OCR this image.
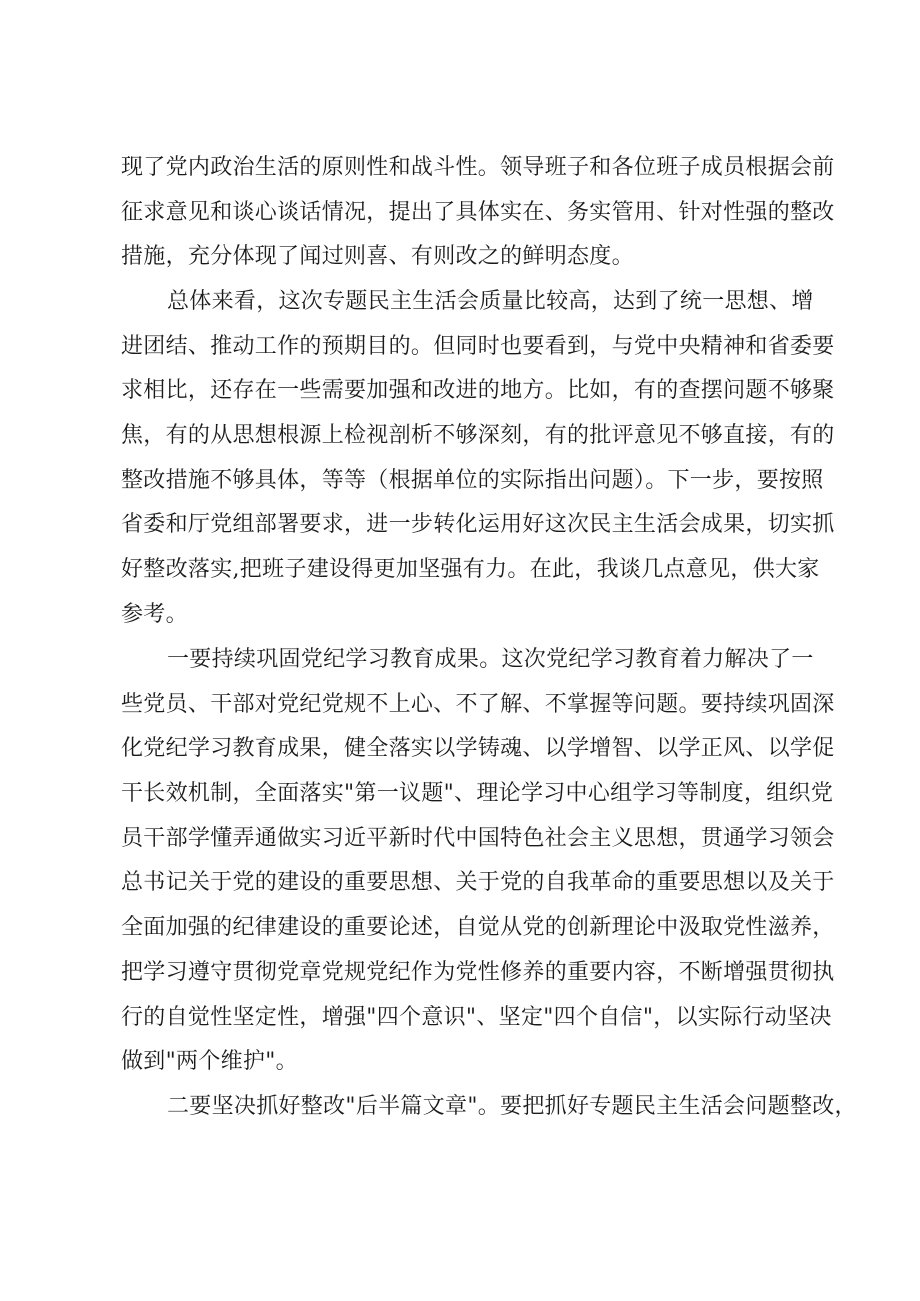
现了党内政治生活的原则性和战斗性。领导班子和各位班子成员根据会前
征求意见和谈心谈话情况，提出了具体实在、务实管用、针对性强的整改
措施，充分体现了闻过则喜、有则改之的鲜明态度。
总体来看，这次专题民主生活会质量比较高，达到了统一思想、增
进团结、推动工作的预期目的。但同时也要看到，与党中央精神和省委要
求相比，还存在一些需要加强和改进的地方。比如，有的查摆问题不够聚
焦，有的从思想根源上检视剖析不够深刻，有的批评意见不够直接，有的
整改措施不够具体，等等（根据单位的实际指出问题）。下一步，要按照
省委和厅党组部署要求，进一步转化运用好这次民主生活会成果，切实抓
好整改落实,把班子建设得更加坚强有力。在此，我谈几点意见，供大家
参考。
一要持续巩固党纪学习教育成果。这次党纪学习教育着力解决了一
些党员、干部对党纪党规不上心、不了解、不掌握等问题。要持续巩固深
化党纪学习教育成果，健全落实以学铸魂、以学增智、以学正风、以学促
干长效机制，全面落实"第一议题"、理论学习中心组学习等制度，组织党
员干部学懂弄通做实习近平新时代中国特色社会主义思想，贯通学习领会
总书记关于党的建设的重要思想、关于党的自我革命的重要思想以及关于
全面加强的纪律建设的重要论述，自觉从党的创新理论中汲取党性滋养，
把学习遵守贯彻党章党规党纪作为党性修养的重要内容，不断增强贯彻执
行的自觉性坚定性，增强"四个意识"、坚定"四个自信"，以实际行动坚决
做到"两个维护"。
二要坚决抓好整改"后半篇文章"。要把抓好专题民主生活会问题整改，
